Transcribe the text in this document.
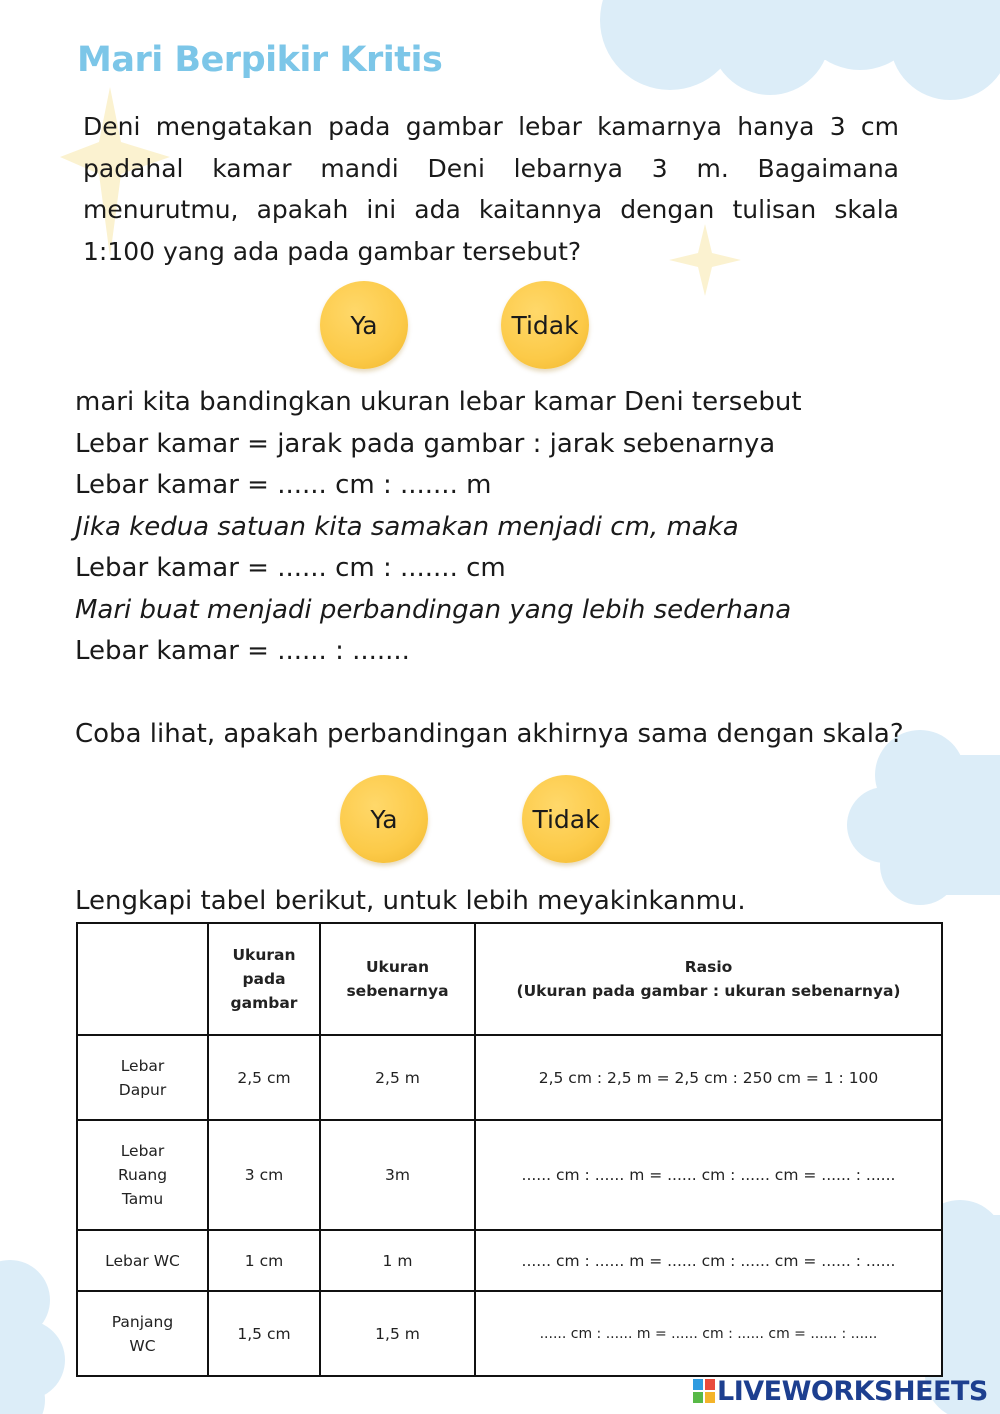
Mari Berpikir Kritis

Deni mengatakan pada gambar lebar kamarnya hanya 3 cm padahal kamar mandi Deni lebarnya 3 m. Bagaimana menurutmu, apakah ini ada kaitannya dengan tulisan skala 1:100 yang ada pada gambar tersebut?

Ya	Tidak
mari kita bandingkan ukuran lebar kamar Deni tersebut
Lebar kamar = jarak pada gambar : jarak sebenarnya
Lebar kamar = ...... cm : ....... m
Jika kedua satuan kita samakan menjadi cm, maka
Lebar kamar = ...... cm : ....... cm
Mari buat menjadi perbandingan yang lebih sederhana
Lebar kamar = ...... : .......

Coba lihat, apakah perbandingan akhirnya sama dengan skala?

Ya	Tidak

Lengkapi tabel berikut, untuk lebih meyakinkanmu.

	Ukuran pada gambar	Ukuran sebenarnya	Rasio
(Ukuran pada gambar : ukuran sebenarnya)

Lebar Dapur	2,5 cm	2,5 m	2,5 cm : 2,5 m = 2,5 cm : 250 cm = 1 : 100

Lebar Ruang Tamu	3 cm	3m	...... cm : ...... m = ...... cm : ...... cm = ...... : ......

Lebar WC	1 cm	1 m	...... cm : ...... m = ...... cm : ...... cm = ...... : ......

Panjang WC	1,5 cm	1,5 m	...... cm : ...... m = ...... cm : ...... cm = ...... : ......
LIVEWORKSHEETS
